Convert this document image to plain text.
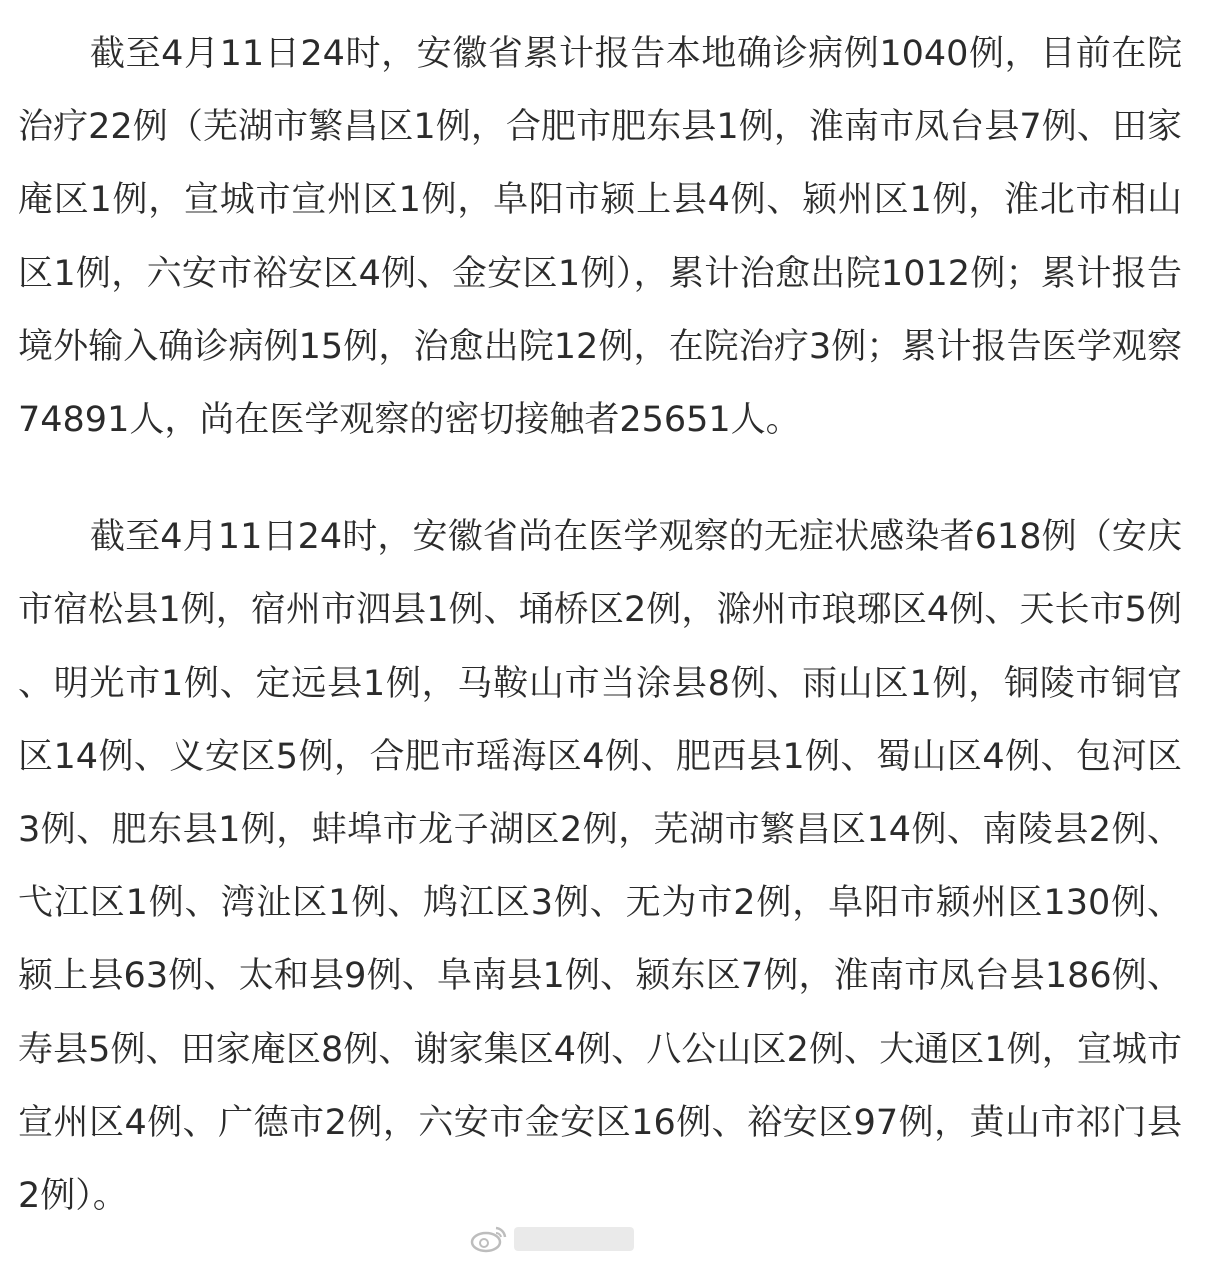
截至4月11日24时，安徽省累计报告本地确诊病例1040例，目前在院治疗22例（芜湖市繁昌区1例，合肥市肥东县1例，淮南市凤台县7例、田家庵区1例，宣城市宣州区1例，阜阳市颍上县4例、颍州区1例，淮北市相山区1例，六安市裕安区4例、金安区1例），累计治愈出院1012例；累计报告境外输入确诊病例15例，治愈出院12例，在院治疗3例；累计报告医学观察74891人，尚在医学观察的密切接触者25651人。

截至4月11日24时，安徽省尚在医学观察的无症状感染者618例（安庆市宿松县1例，宿州市泗县1例、埇桥区2例，滁州市琅琊区4例、天长市5例、明光市1例、定远县1例，马鞍山市当涂县8例、雨山区1例，铜陵市铜官区14例、义安区5例，合肥市瑶海区4例、肥西县1例、蜀山区4例、包河区3例、肥东县1例，蚌埠市龙子湖区2例，芜湖市繁昌区14例、南陵县2例、弋江区1例、湾沚区1例、鸠江区3例、无为市2例，阜阳市颍州区130例、颍上县63例、太和县9例、阜南县1例、颍东区7例，淮南市凤台县186例、寿县5例、田家庵区8例、谢家集区4例、八公山区2例、大通区1例，宣城市宣州区4例、广德市2例，六安市金安区16例、裕安区97例，黄山市祁门县2例）。
